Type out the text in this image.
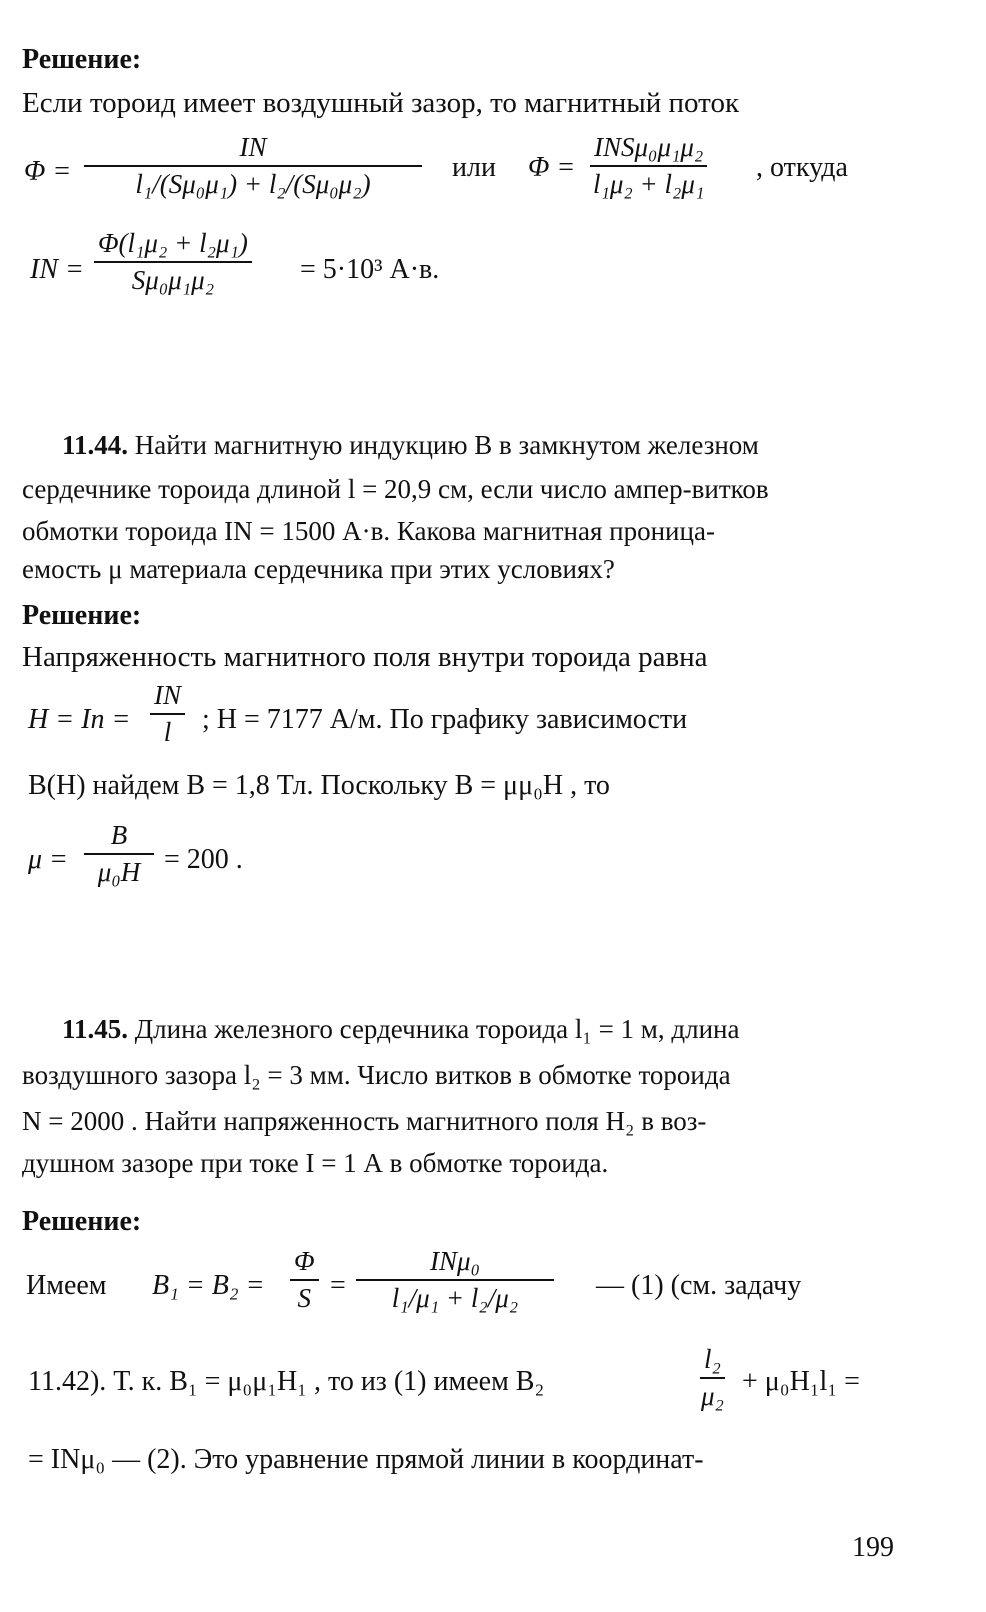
Решение:
Если тороид имеет воздушный зазор, то магнитный поток
$\Phi = \frac{IN}{\text{l₁/(Sμ₀μ₁) + l₂/(Sμ₀μ₂)}}$ или Φ =
INSμ₀μ₁μ₂
l₁μ₂ + l₂μ₁
, откуда
IN = $\frac{\text{Φ(l₁μ₂ + l₂μ₁)}}{\text{Sμ₀μ₁μ₂}} = 5\cdot 10^3$ А·в.
11.44. Найти магнитную индукцию B в замкнутом железном
сердечнике тороида длиной l = 20,9 см, если число ампер-витков
обмотки тороида IN = 1500 А·в. Какова магнитная проница-
емость μ материала сердечника при этих условиях?
Решение:
Напряженность магнитного поля внутри тороида равна
$H = In = \frac{IN}{l}$ ; H = 7177 А/м. По графику зависимости
B(H) найдем B = 1,8 Тл. Поскольку B = μμ₀H , то
$\mu = \frac{B}{\text{μ₀H}} = 200$ .
11.45. Длина железного сердечника тороида l₁ = 1 м, длина
воздушного зазора l₂ = 3 мм. Число витков в обмотке тороида
N = 2000 . Найти напряженность магнитного поля H₂ в воз-
душном зазоре при токе I = 1 А в обмотке тороида.
Решение:
Имеем $B_1 = B_2 = \frac{\Phi}{S}$ =
INμ₀
l₁/μ₁ + l₂/μ₂	— (1) (см. задачу
11.42). Т. к. B₁ = μ₀μ₁H₁ , то из (1) имеем B₂	$\frac{\text{l₂}}{\text{μ₂}} + \mu_0H_1l_1$ =
= INμ₀ — (2). Это уравнение прямой линии в координат-
199
